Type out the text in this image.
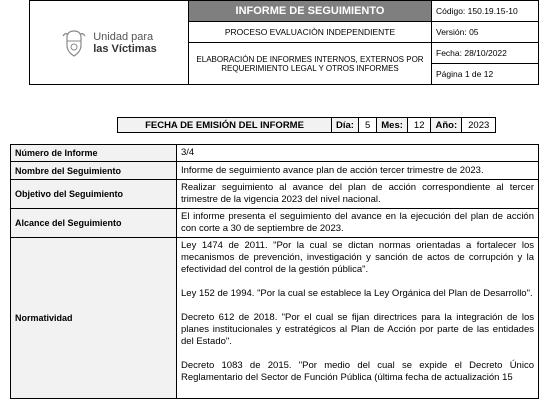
Unidad para
las Víctimas	INFORME DE SEGUIMIENTO	Código: 150.19.15-10
	PROCESO EVALUACIÒN INDEPENDIENTE	Versión: 05
	ELABORACIÓN DE INFORMES INTERNOS, EXTERNOS POR REQUERIMIENTO LEGAL Y OTROS INFORMES	Fecha: 28/10/2022
		Página 1 de 12
FECHA DE EMISIÓN DEL INFORME	Día:	5	Mes:	12	Año:	2023
Número de Informe	3/4
Nombre del Seguimiento	Informe de seguimiento avance plan de acción tercer trimestre de 2023.
Objetivo del Seguimiento	Realizar seguimiento al avance del plan de acción correspondiente al tercer trimestre de la vigencia 2023 del nivel nacional.
Alcance del Seguimiento	El informe presenta el seguimiento del avance en la ejecución del plan de acción con corte a 30 de septiembre de 2023.
Normatividad	Ley 1474 de 2011. "Por la cual se dictan normas orientadas a fortalecer los mecanismos de prevención, investigación y sanción de actos de corrupción y la efectividad del control de la gestión pública".

Ley 152 de 1994. "Por la cual se establece la Ley Orgánica del Plan de Desarrollo".

Decreto 612 de 2018. "Por el cual se fijan directrices para la integración de los planes institucionales y estratégicos al Plan de Acción por parte de las entidades del Estado".

Decreto 1083 de 2015. "Por medio del cual se expide el Decreto Único Reglamentario del Sector de Función Pública (última fecha de actualización 15
